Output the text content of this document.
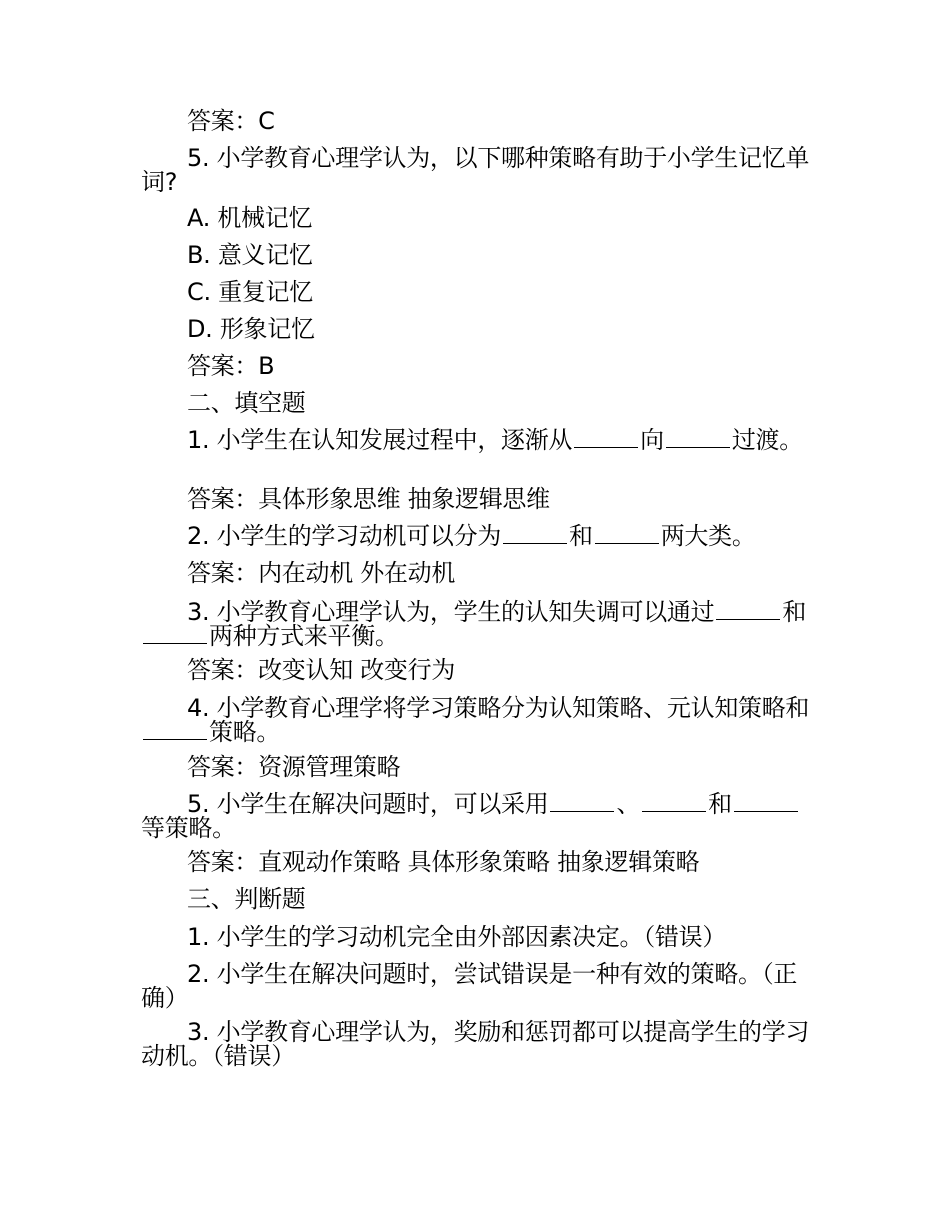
答案：C

5. 小学教育心理学认为，以下哪种策略有助于小学生记忆单词?

A. 机械记忆

B. 意义记忆

C. 重复记忆

D. 形象记忆

答案：B

二、填空题

1. 小学生在认知发展过程中，逐渐从	向	过渡。

答案：具体形象思维 抽象逻辑思维

2. 小学生的学习动机可以分为	和	两大类。

答案：内在动机 外在动机

3. 小学教育心理学认为，学生的认知失调可以通过	和两种方式来平衡。

答案：改变认知 改变行为

4. 小学教育心理学将学习策略分为认知策略、元认知策略和策略。

答案：资源管理策略

5. 小学生在解决问题时，可以采用	、	和等策略。

答案：直观动作策略 具体形象策略 抽象逻辑策略

三、判断题

1. 小学生的学习动机完全由外部因素决定。（错误）

2. 小学生在解决问题时，尝试错误是一种有效的策略。（正确）

3. 小学教育心理学认为，奖励和惩罚都可以提高学生的学习动机。（错误）
